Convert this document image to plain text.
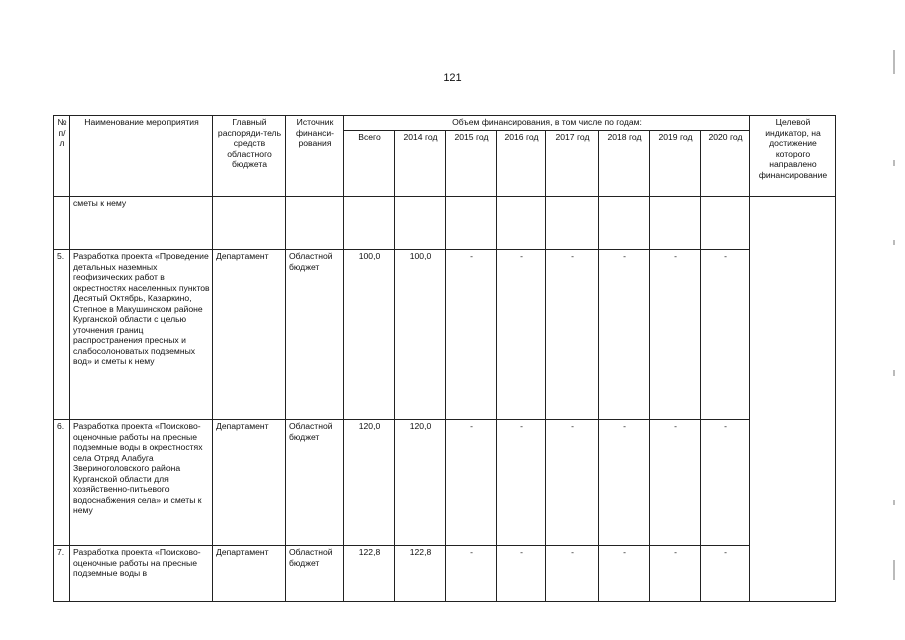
121
№ п/л	Наименование мероприятия	Главный распоряди-тель средств областного бюджета	Источник финанси-рования	Объем финансирования, в том числе по годам:								Целевой индикатор, на достижение которого направлено финансирование
				Всего	2014 год	2015 год	2016 год	2017 год	2018 год	2019 год	2020 год	
	сметы к нему											
5.	Разработка проекта «Проведение детальных наземных геофизических работ в окрестностях населенных пунктов Десятый Октябрь, Казаркино, Степное в Макушинском районе Курганской области с целью уточнения границ распространения пресных и слабосолоноватых подземных вод» и сметы к нему	Департамент	Областной бюджет	100,0	100,0	-	-	-	-	-	-	
6.	Разработка проекта «Поисково-оценочные работы на пресные подземные воды в окрестностях села Отряд Алабуга Звериноголовского района Курганской области для хозяйственно-питьевого водоснабжения села» и сметы к нему	Департамент	Областной бюджет	120,0	120,0	-	-	-	-	-	-	
7.	Разработка проекта «Поисково-оценочные работы на пресные подземные воды в	Департамент	Областной бюджет	122,8	122,8	-	-	-	-	-	-	
